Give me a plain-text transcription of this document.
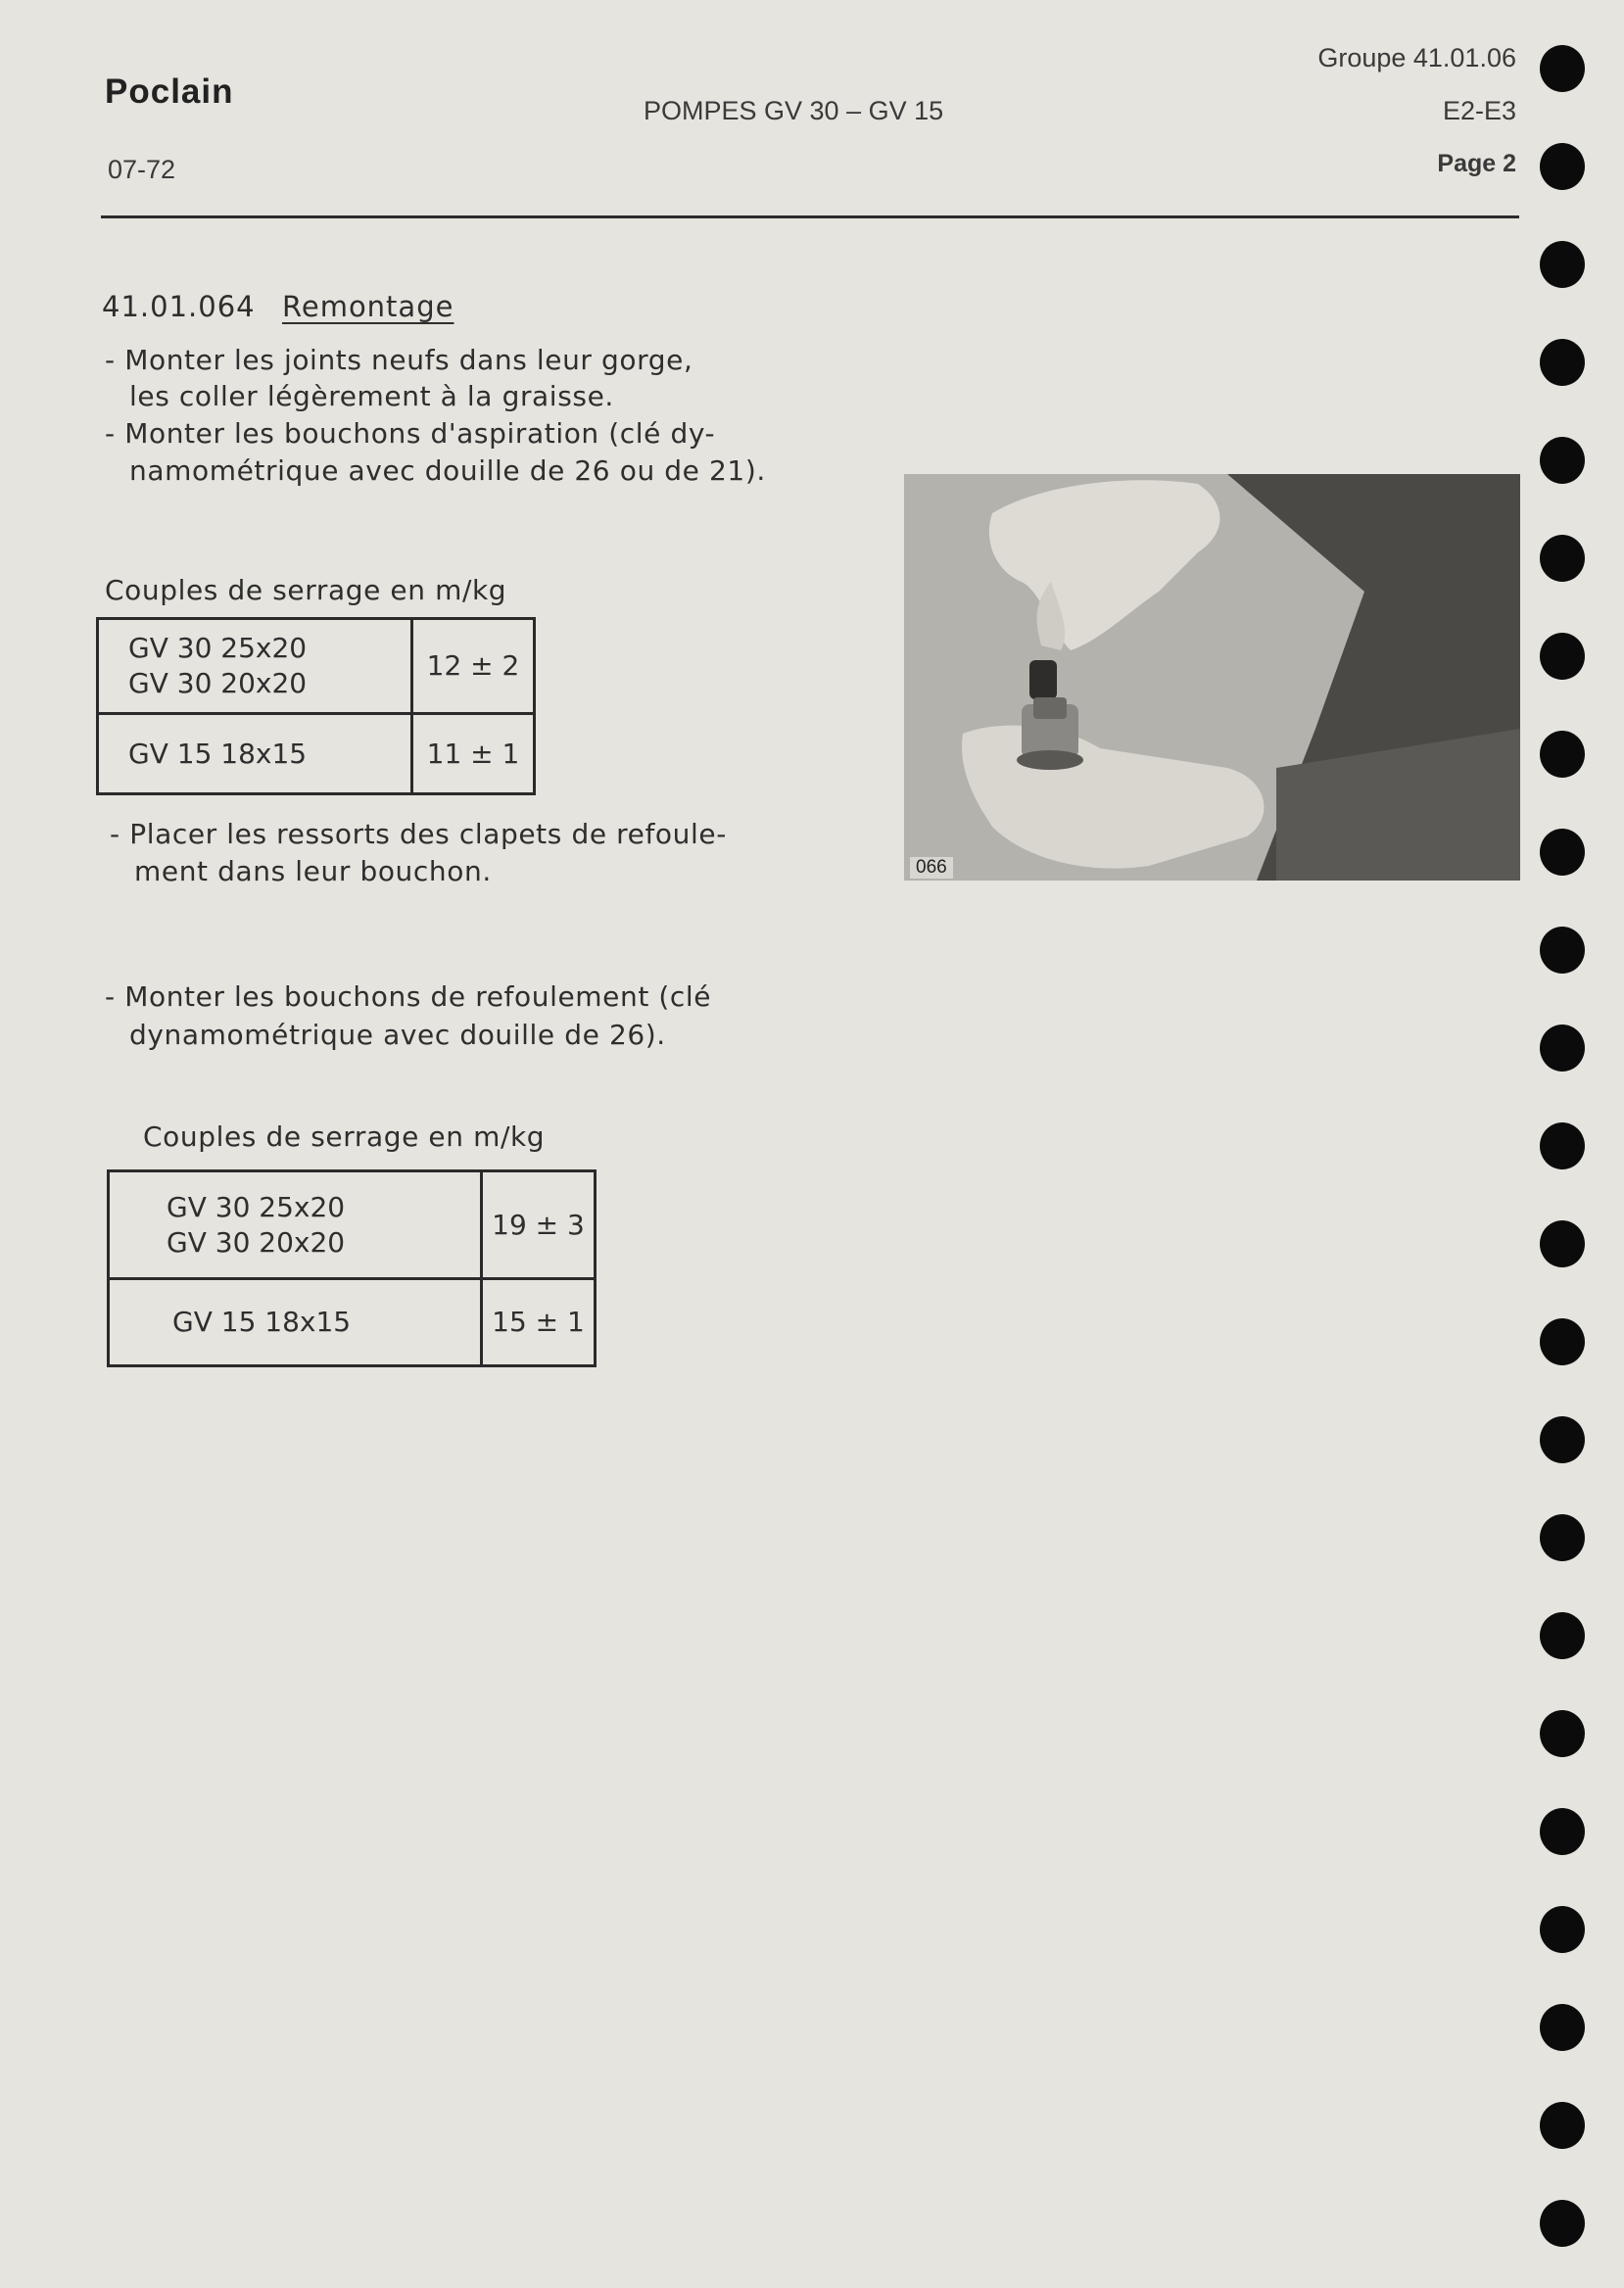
Poclain
07-72
POMPES GV 30 – GV 15
Groupe 41.01.06
E2-E3
Page 2
41.01.064 Remontage
- Monter les joints neufs dans leur gorge,
les coller légèrement à la graisse.
- Monter les bouchons d'aspiration (clé dy-
namométrique avec douille de 26 ou de 21).
Couples de serrage en m/kg
GV 30 25x20
GV 30 20x20	12 ± 2
GV 15 18x15	11 ± 1
- Placer les ressorts des clapets de refoule-
ment dans leur bouchon.
- Monter les bouchons de refoulement (clé
dynamométrique avec douille de 26).
Couples de serrage en m/kg
GV 30 25x20
GV 30 20x20	19 ± 3
GV 15 18x15	15 ± 1
066
